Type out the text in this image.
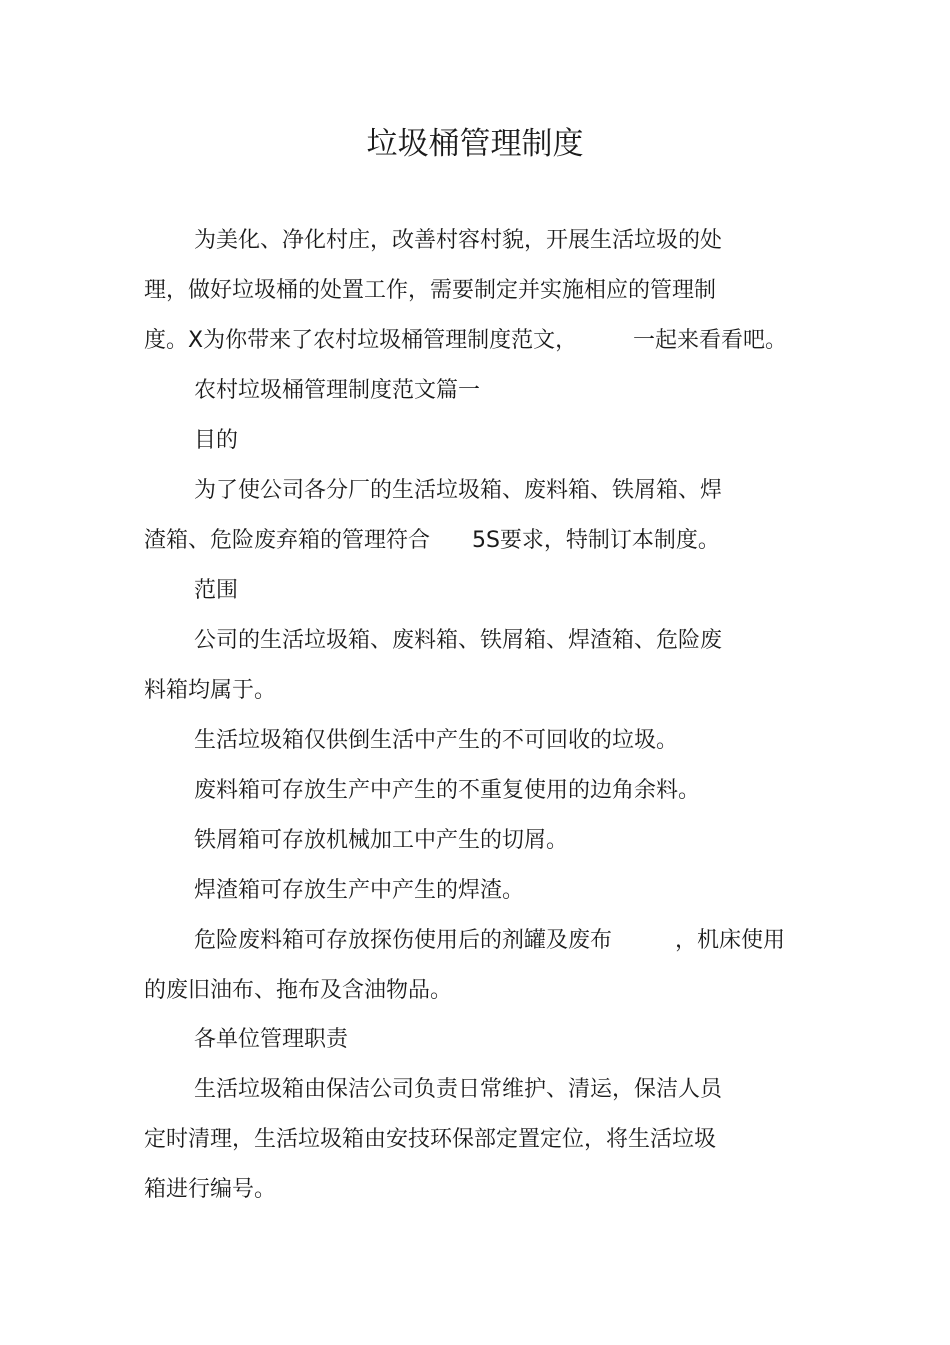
垃圾桶管理制度

为美化、净化村庄，改善村容村貌，开展生活垃圾的处

理，做好垃圾桶的处置工作，需要制定并实施相应的管理制

度。X为你带来了农村垃圾桶管理制度范文，        一起来看看吧。

农村垃圾桶管理制度范文篇一

目的

为了使公司各分厂的生活垃圾箱、废料箱、铁屑箱、焊

渣箱、危险废弃箱的管理符合      5S要求，特制订本制度。

范围

公司的生活垃圾箱、废料箱、铁屑箱、焊渣箱、危险废

料箱均属于。

生活垃圾箱仅供倒生活中产生的不可回收的垃圾。

废料箱可存放生产中产生的不重复使用的边角余料。

铁屑箱可存放机械加工中产生的切屑。

焊渣箱可存放生产中产生的焊渣。

危险废料箱可存放探伤使用后的剂罐及废布         ，机床使用

的废旧油布、拖布及含油物品。

各单位管理职责

生活垃圾箱由保洁公司负责日常维护、清运，保洁人员

定时清理，生活垃圾箱由安技环保部定置定位，将生活垃圾

箱进行编号。
